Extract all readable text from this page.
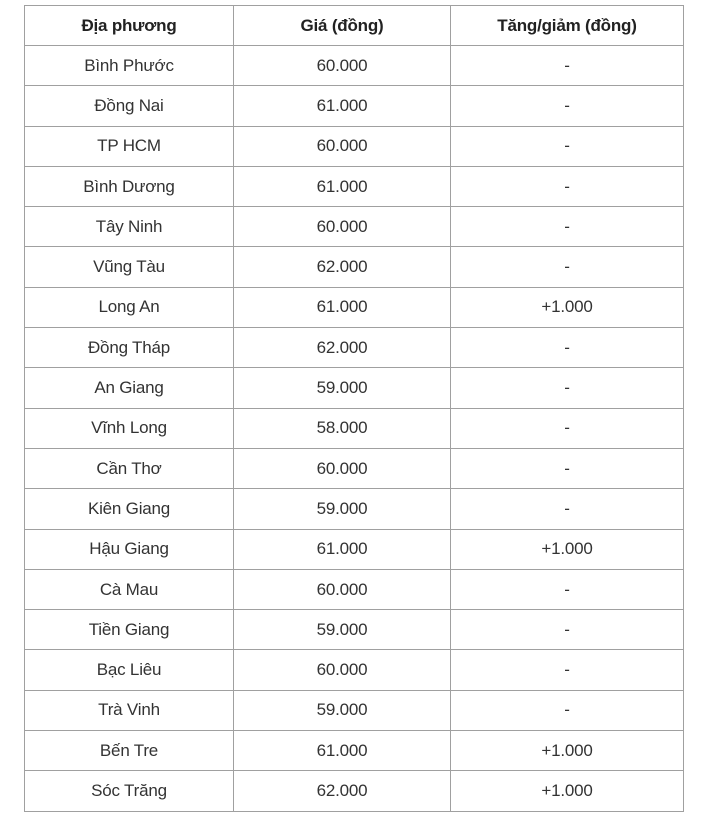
Địa phương	Giá (đồng)	Tăng/giảm (đồng)
Bình Phước	60.000	-
Đồng Nai	61.000	-
TP HCM	60.000	-
Bình Dương	61.000	-
Tây Ninh	60.000	-
Vũng Tàu	62.000	-
Long An	61.000	+1.000
Đồng Tháp	62.000	-
An Giang	59.000	-
Vĩnh Long	58.000	-
Cần Thơ	60.000	-
Kiên Giang	59.000	-
Hậu Giang	61.000	+1.000
Cà Mau	60.000	-
Tiền Giang	59.000	-
Bạc Liêu	60.000	-
Trà Vinh	59.000	-
Bến Tre	61.000	+1.000
Sóc Trăng	62.000	+1.000
